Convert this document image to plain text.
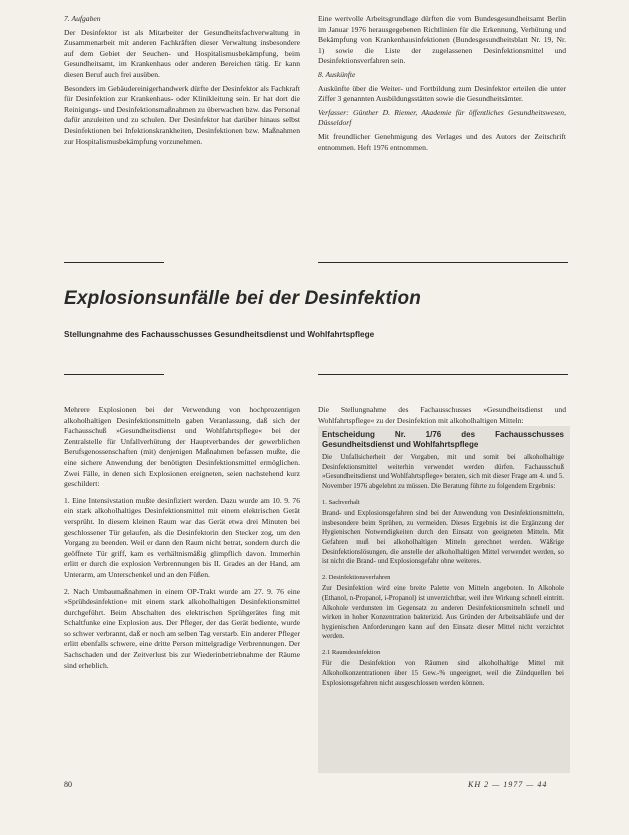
7. Aufgaben

Der Desinfektor ist als Mitarbeiter der Gesundheitsfachverwaltung in Zusammenarbeit mit anderen Fachkräften dieser Verwaltung insbesondere auf dem Gebiet der Seuchen- und Hospitalismusbekämpfung, beim Gesundheitsamt, im Krankenhaus oder anderen Bereichen tätig. Er kann diesen Beruf auch frei ausüben.

Besonders im Gebäudereinigerhandwerk dürfte der Desinfektor als Fachkraft für Desinfektion zur Krankenhaus- oder Klinikleitung sein. Er hat dort die Reinigungs- und Desinfektionsmaßnahmen zu überwachen bzw. das Personal dafür anzuleiten und zu schulen. Der Desinfektor hat darüber hinaus selbst Desinfektionen bei Infektionskrankheiten, Desinfektionen bzw. Maßnahmen zur Hospitalismusbekämpfung vorzunehmen.

Eine wertvolle Arbeitsgrundlage dürften die vom Bundesgesundheitsamt Berlin im Januar 1976 herausgegebenen Richtlinien für die Erkennung, Verhütung und Bekämpfung von Krankenhausinfektionen (Bundesgesundheitsblatt Nr. 19, Nr. 1) sowie die Liste der zugelassenen Desinfektionsmittel und Desinfektionsverfahren sein.

8. Auskünfte

Auskünfte über die Weiter- und Fortbildung zum Desinfektor erteilen die unter Ziffer 3 genannten Ausbildungsstätten sowie die Gesundheitsämter.

Verfasser: Günther D. Riemer, Akademie für öffentliches Gesundheitswesen, Düsseldorf

Mit freundlicher Genehmigung des Verlages und des Autors der Zeitschrift entnommen. Heft 1976 entnommen.

Explosionsunfälle bei der Desinfektion
Stellungnahme des Fachausschusses Gesundheitsdienst und Wohlfahrtspflege

Mehrere Explosionen bei der Verwendung von hochprozentigen alkoholhaltigen Desinfektionsmitteln gaben Veranlassung, daß sich der Fachausschuß »Gesundheitsdienst und Wohlfahrtspflege« bei der Zentralstelle für Unfallverhütung der Hauptverbandes der gewerblichen Berufsgenossenschaften (mit) denjenigen Maßnahmen befassen mußte, die eine sichere Anwendung der benötigten Desinfektionsmittel ermöglichen. Zwei Fälle, in denen sich Explosionen ereigneten, seien nachstehend kurz geschildert:

1. Eine Intensivstation mußte desinfiziert werden. Dazu wurde am 10. 9. 76 ein stark alkoholhaltiges Desinfektionsmittel mit einem elektrischen Gerät versprüht. In diesem kleinen Raum war das Gerät etwa drei Minuten bei geschlossener Tür gelaufen, als die Desinfektorin den Stecker zog, um den Vorgang zu beenden. Weil er dann den Raum nicht betrat, sondern durch die geöffnete Tür griff, kam es verhältnismäßig glimpflich davon. Immerhin erlitt er durch die explosion Verbrennungen bis II. Grades an der Hand, am Unterarm, am Unterschenkel und an den Füßen.

2. Nach Umbaumaßnahmen in einem OP-Trakt wurde am 27. 9. 76 eine »Sprühdesinfektion« mit einem stark alkoholhaltigen Desinfektionsmittel durchgeführt. Beim Abschalten des elektrischen Sprühgerätes fing mit Schaltfunke eine Explosion aus. Der Pfleger, der das Gerät bediente, wurde so schwer verbrannt, daß er noch am selben Tag verstarb. Ein anderer Pfleger erlitt ebenfalls schwere, eine dritte Person mittelgradige Verbrennungen. Der Sachschaden und der Zeitverlust bis zur Wiederinbetriebnahme der Räume sind erheblich.

Die Stellungnahme des Fachausschusses »Gesundheitsdienst und Wohlfahrtspflege« zu der Desinfektion mit alkoholhaltigen Mitteln:

Entscheidung Nr. 1/76 des Fachausschusses Gesundheitsdienst und Wohlfahrtspflege

Die Unfallsicherheit der Vorgaben, mit und somit bei alkoholhaltige Desinfektionsmittel weiterhin verwendet werden dürfen. Fachausschuß »Gesundheitsdienst und Wohlfahrtspflege« beraten, sich mit dieser Frage am 4. und 5. November 1976 abgelehnt zu müssen. Die Beratung führte zu folgendem Ergebnis:

1. Sachverhalt

Brand- und Explosionsgefahren sind bei der Anwendung von Desinfektionsmitteln, insbesondere beim Sprühen, zu vermeiden. Dieses Ergebnis ist die Ergänzung der Hygienischen Notwendigkeiten durch den Einsatz von geeigneten Mitteln. Mit Gefahren muß bei alkoholhaltigen Mitteln gerechnet werden. Wäßrige Desinfektionslösungen, die anstelle der alkoholhaltigen Mittel verwendet werden, so ist nicht die Brand- und Explosionsgefahr ohne weiteres.

2. Desinfektionsverfahren

Zur Desinfektion wird eine breite Palette von Mitteln angeboten. In Alkohole (Ethanol, n-Propanol, i-Propanol) ist unverzichtbar, weil ihre Wirkung schnell eintritt. Alkohole verdunsten im Gegensatz zu anderen Desinfektionsmitteln schnell und wirken in hoher Konzentration bakterizid. Aus Gründen der Arbeitsabläufe und der hygienischen Anforderungen kann auf den Einsatz dieser Mittel nicht verzichtet werden.

2.1 Raumdesinfektion

Für die Desinfektion von Räumen sind alkoholhaltige Mittel mit Alkoholkonzentrationen über 15 Gew.-% ungeeignet, weil die Zündquellen bei Explosionsgefahren nicht ausgeschlossen werden können.

80	KH 2 — 1977 — 44
